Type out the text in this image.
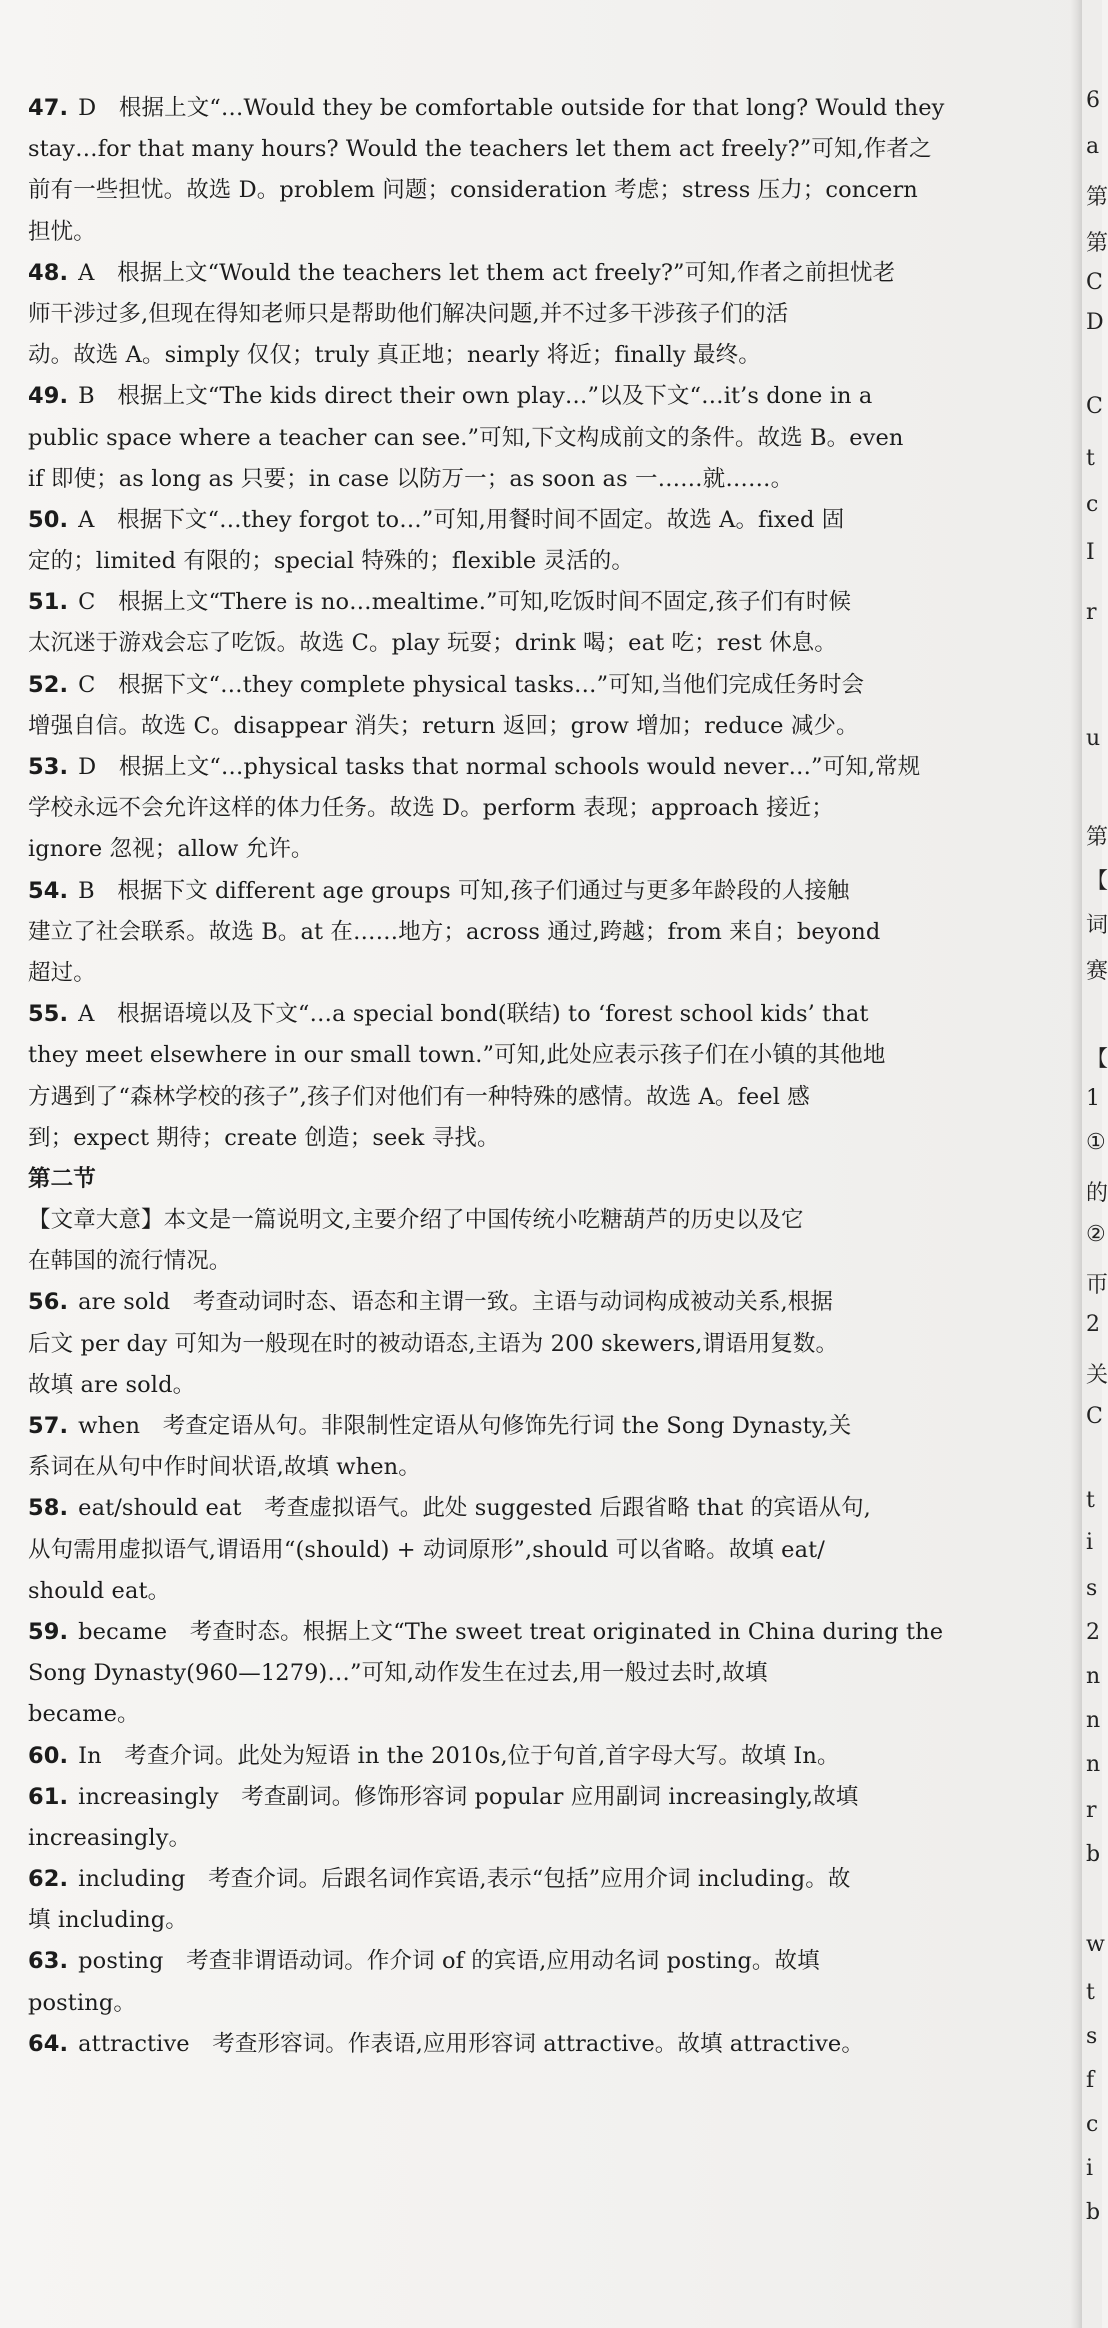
47. D　根据上文“…Would they be comfortable outside for that long? Would they
stay…for that many hours? Would the teachers let them act freely?”可知,作者之
前有一些担忧。故选 D。problem 问题；consideration 考虑；stress 压力；concern
担忧。
48. A　根据上文“Would the teachers let them act freely?”可知,作者之前担忧老
师干涉过多,但现在得知老师只是帮助他们解决问题,并不过多干涉孩子们的活
动。故选 A。simply 仅仅；truly 真正地；nearly 将近；finally 最终。
49. B　根据上文“The kids direct their own play…”以及下文“…it’s done in a
public space where a teacher can see.”可知,下文构成前文的条件。故选 B。even
if 即使；as long as 只要；in case 以防万一；as soon as 一……就……。
50. A　根据下文“…they forgot to…”可知,用餐时间不固定。故选 A。fixed 固
定的；limited 有限的；special 特殊的；flexible 灵活的。
51. C　根据上文“There is no…mealtime.”可知,吃饭时间不固定,孩子们有时候
太沉迷于游戏会忘了吃饭。故选 C。play 玩耍；drink 喝；eat 吃；rest 休息。
52. C　根据下文“…they complete physical tasks…”可知,当他们完成任务时会
增强自信。故选 C。disappear 消失；return 返回；grow 增加；reduce 减少。
53. D　根据上文“…physical tasks that normal schools would never…”可知,常规
学校永远不会允许这样的体力任务。故选 D。perform 表现；approach 接近；
ignore 忽视；allow 允许。
54. B　根据下文 different age groups 可知,孩子们通过与更多年龄段的人接触
建立了社会联系。故选 B。at 在……地方；across 通过,跨越；from 来自；beyond
超过。
55. A　根据语境以及下文“…a special bond(联结) to ‘forest school kids’ that
they meet elsewhere in our small town.”可知,此处应表示孩子们在小镇的其他地
方遇到了“森林学校的孩子”,孩子们对他们有一种特殊的感情。故选 A。feel 感
到；expect 期待；create 创造；seek 寻找。
第二节
【文章大意】本文是一篇说明文,主要介绍了中国传统小吃糖葫芦的历史以及它
在韩国的流行情况。
56. are sold　考查动词时态、语态和主谓一致。主语与动词构成被动关系,根据
后文 per day 可知为一般现在时的被动语态,主语为 200 skewers,谓语用复数。
故填 are sold。
57. when　考查定语从句。非限制性定语从句修饰先行词 the Song Dynasty,关
系词在从句中作时间状语,故填 when。
58. eat/should eat　考查虚拟语气。此处 suggested 后跟省略 that 的宾语从句,
从句需用虚拟语气,谓语用“(should) + 动词原形”,should 可以省略。故填 eat/
should eat。
59. became　考查时态。根据上文“The sweet treat originated in China during the
Song Dynasty(960—1279)…”可知,动作发生在过去,用一般过去时,故填
became。
60. In　考查介词。此处为短语 in the 2010s,位于句首,首字母大写。故填 In。
61. increasingly　考查副词。修饰形容词 popular 应用副词 increasingly,故填
increasingly。
62. including　考查介词。后跟名词作宾语,表示“包括”应用介词 including。故
填 including。
63. posting　考查非谓语动词。作介词 of 的宾语,应用动名词 posting。故填
posting。
64. attractive　考查形容词。作表语,应用形容词 attractive。故填 attractive。
6
a
第
第
C
D
C
t
c
I
r
u
第
【
词
赛
【
1
①
的
②
帀
2
关
C
t
i
s
2
n
n
n
r
b
w
t
s
f
c
i
b
